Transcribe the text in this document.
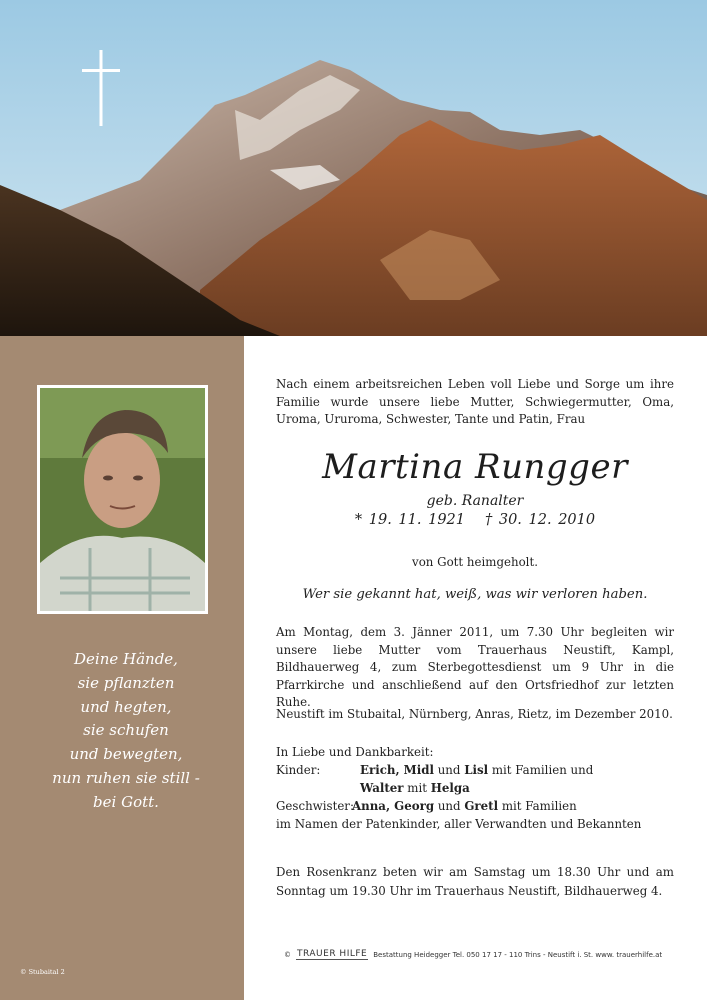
Deine Hände,
sie pflanzten
und hegten,
sie schufen
und bewegten,
nun ruhen sie still -
bei Gott.
© Stubaital 2
Nach einem arbeitsreichen Leben voll Liebe und Sorge um ihre Familie wurde unsere liebe Mutter, Schwiegermutter, Oma, Uroma, Ururoma, Schwester, Tante und Patin, Frau
Martina Rungger
geb. Ranalter
* 19. 11. 1921 † 30. 12. 2010
von Gott heimgeholt.
Wer sie gekannt hat, weiß, was wir verloren haben.
Am Montag, dem 3. Jänner 2011, um 7.30 Uhr begleiten wir unsere liebe Mutter vom Trauerhaus Neustift, Kampl, Bildhauerweg 4, zum Sterbegottesdienst um 9 Uhr in die Pfarrkirche und anschließend auf den Ortsfriedhof zur letzten Ruhe.
Neustift im Stubaital, Nürnberg, Anras, Rietz, im Dezember 2010.
In Liebe und Dankbarkeit:
Kinder:	Erich, Midl und Lisl mit Familien und
Walter mit Helga
Geschwister:
Anna, Georg und Gretl mit Familien
im Namen der Patenkinder, aller Verwandten und Bekannten
Den Rosenkranz beten wir am Samstag um 18.30 Uhr und am Sonntag um 19.30 Uhr im Trauerhaus Neustift, Bildhauerweg 4.
© TRAUER HILFE Bestattung Heidegger Tel. 050 17 17 - 110 Trins - Neustift i. St. www. trauerhilfe.at
